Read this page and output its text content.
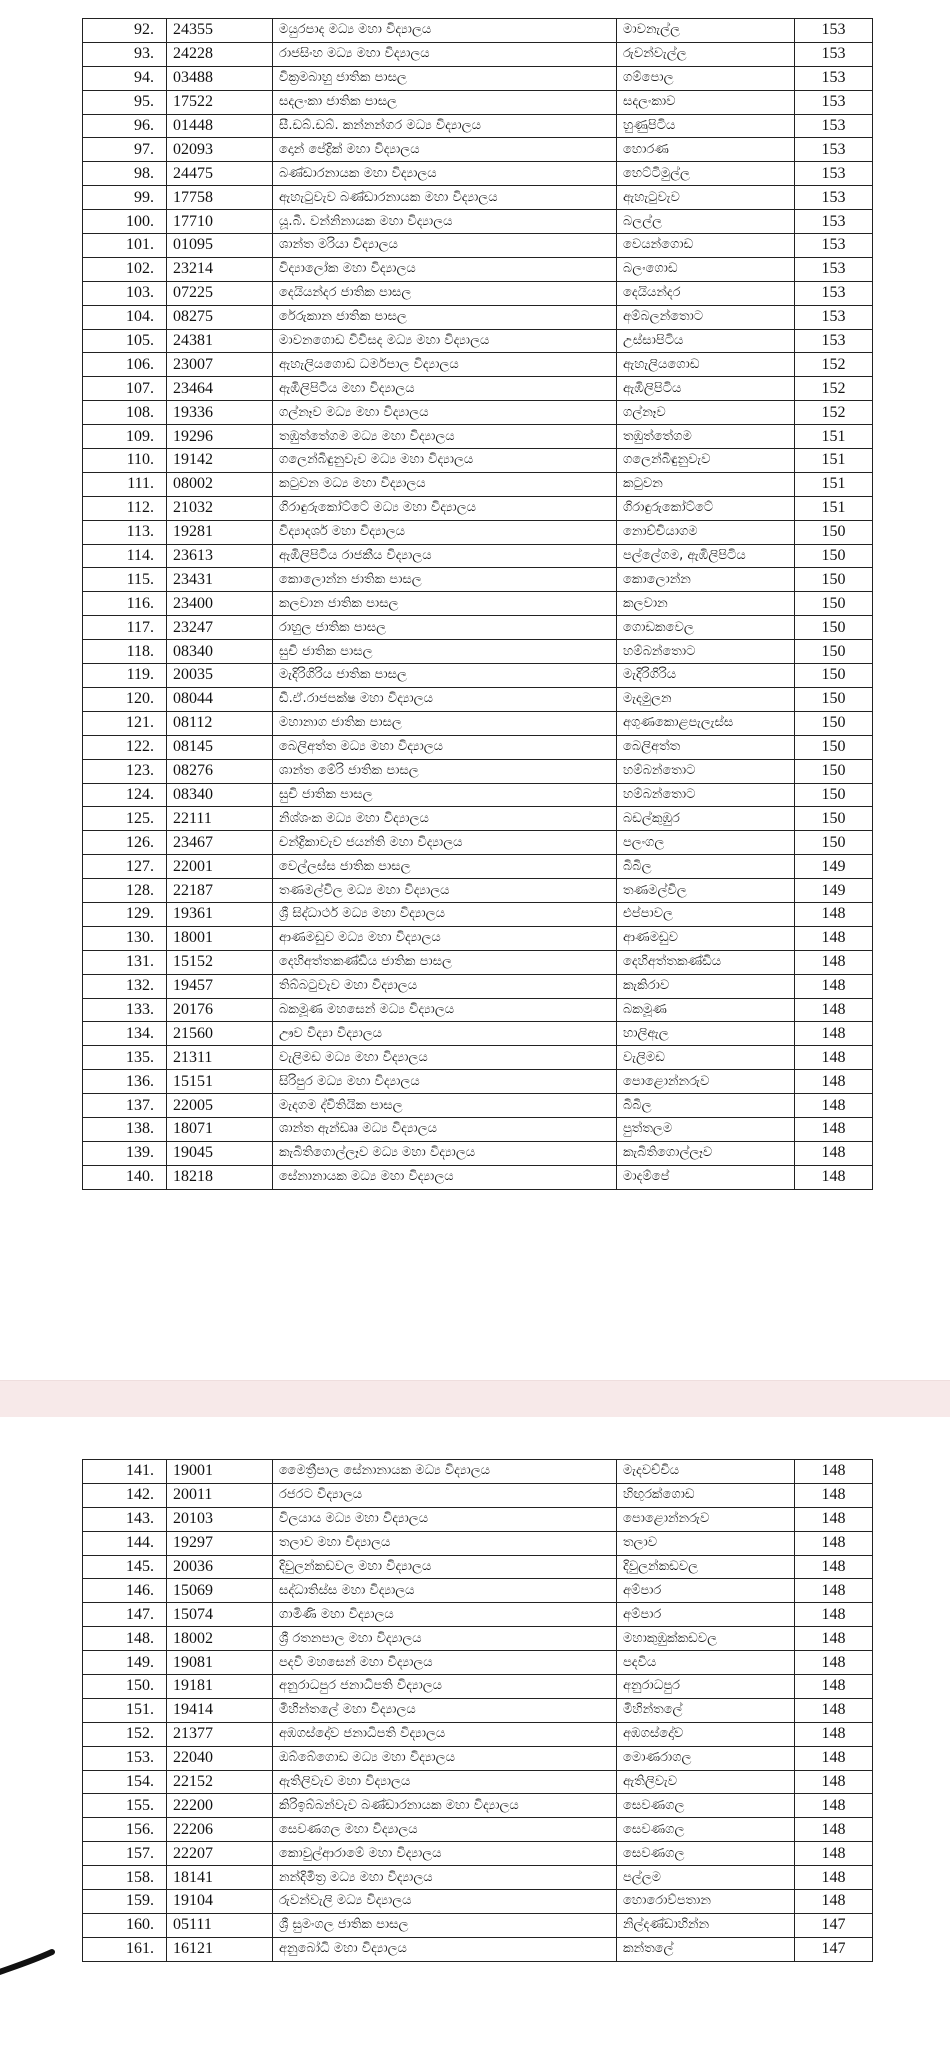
92.	24355	මයුරපාද මධ්‍ය මහා විද්‍යාලය	මාවනැල්ල	153
93.	24228	රාජසිංහ මධ්‍ය මහා විද්‍යාලය	රුවන්වැල්ල	153
94.	03488	වික්‍රමබාහු ජාතික පාසල	ගම්පොල	153
95.	17522	සදලංකා ජාතික පාසල	සදලංකාව	153
96.	01448	සී.ඩබ්.ඩබ්. කන්නන්ගර මධ්‍ය විද්‍යාලය	හුණුපිටිය	153
97.	02093	දොන් පේද්‍රික් මහා විද්‍යාලය	හොරණ	153
98.	24475	බණ්ඩාරනායක මහා විද්‍යාලය	හෙට්ටිමුල්ල	153
99.	17758	ඇහැටුවැව බණ්ඩාරනායක මහා විද්‍යාලය	ඇහැටුවැව	153
100.	17710	යූ.බී. වන්නිනායක මහා විද්‍යාලය	බලල්ල	153
101.	01095	ශාන්ත මරියා විද්‍යාලය	වෙයන්ගොඩ	153
102.	23214	විද්‍යාලෝක මහා විද්‍යාලය	බලංගොඩ	153
103.	07225	දෙයියන්දර ජාතික පාසල	දෙයියන්දර	153
104.	08275	රේරුකාන ජාතික පාසල	අම්බලන්තොට	153
105.	24381	මාවනගොඩ විවිසද මධ්‍ය මහා විද්‍යාලය	උස්සාපිටිය	153
106.	23007	ඇහැලියගොඩ ධර්මපාල විද්‍යාලය	ඇහැලියගොඩ	152
107.	23464	ඇඹිලිපිටිය මහා විද්‍යාලය	ඇඹිලිපිටිය	152
108.	19336	ගල්නෑව මධ්‍ය මහා විද්‍යාලය	ගල්නෑව	152
109.	19296	තඹුත්තේගම මධ්‍ය මහා විද්‍යාලය	තඹුත්තේගම	151
110.	19142	ගලෙන්බිඳුනුවැව මධ්‍ය මහා විද්‍යාලය	ගලෙන්බිඳුනුවැව	151
111.	08002	කටුවන මධ්‍ය මහා විද්‍යාලය	කටුවන	151
112.	21032	ගිරාඳුරුකෝට්ටේ මධ්‍ය මහා විද්‍යාලය	ගිරාඳුරුකෝට්ටේ	151
113.	19281	විද්‍යාදර්ශ මහා විද්‍යාලය	නොච්චියාගම	150
114.	23613	ඇඹිලිපිටිය රාජකීය විද්‍යාලය	පල්ලේගම, ඇඹිලිපිටිය	150
115.	23431	කොලොන්න ජාතික පාසල	කොලොන්න	150
116.	23400	කලවාන ජාතික පාසල	කලවාන	150
117.	23247	රාහුල ජාතික පාසල	ගොඩකවෙල	150
118.	08340	සුචි ජාතික පාසල	හම්බන්තොට	150
119.	20035	මැදිරිගිරිය ජාතික පාසල	මැදිරිගිරිය	150
120.	08044	ඩී.ඒ.රාජපක්ෂ මහා විද්‍යාලය	මැදමුලන	150
121.	08112	මහානාග ජාතික පාසල	අගුණකොළපැලැස්ස	150
122.	08145	බෙලිඅත්ත මධ්‍ය මහා විද්‍යාලය	බෙලිඅත්ත	150
123.	08276	ශාන්ත මේරි ජාතික පාසල	හම්බන්තොට	150
124.	08340	සුචි ජාතික පාසල	හම්බන්තොට	150
125.	22111	නිශ්ශංක මධ්‍ය මහා විද්‍යාලය	බඩල්කුඹුර	150
126.	23467	චන්ද්‍රිකාවැව ජයන්ති මහා විද්‍යාලය	පලංගල	150
127.	22001	වෙල්ලස්ස ජාතික පාසල	බිබිල	149
128.	22187	තණමල්විල මධ්‍ය මහා විද්‍යාලය	තණමල්විල	149
129.	19361	ශ්‍රී සිද්ධාර්ථ මධ්‍ය මහා විද්‍යාලය	එප්පාවල	148
130.	18001	ආණමඩුව මධ්‍ය මහා විද්‍යාලය	ආණමඩුව	148
131.	15152	දෙහිඅත්තකණ්ඩිය ජාතික පාසල	දෙහිඅත්තකණ්ඩිය	148
132.	19457	තිබ්බටුවැව මහා විද්‍යාලය	කැකිරාව	148
133.	20176	බකමූණ මහසෙන් මධ්‍ය විද්‍යාලය	බකමූණ	148
134.	21560	ඌව විද්‍යා විද්‍යාලය	හාලිඇල	148
135.	21311	වැලිමඩ මධ්‍ය මහා විද්‍යාලය	වැලිමඩ	148
136.	15151	සිරිපුර මධ්‍ය මහා විද්‍යාලය	පොළොන්නරුව	148
137.	22005	මැදගම ද්විතියික පාසල	බිබිල	148
138.	18071	ශාන්ත ඇන්ඩෲ මධ්‍ය විද්‍යාලය	පුත්තලම	148
139.	19045	කැබිතිගොල්ලෑව මධ්‍ය මහා විද්‍යාලය	කැබිතිගොල්ලෑව	148
140.	18218	සේනානායක මධ්‍ය මහා විද්‍යාලය	මාදම්පේ	148
141.	19001	මෛත්‍රීපාල සේනානායක මධ්‍ය විද්‍යාලය	මැදවච්චිය	148
142.	20011	රජරට විද්‍යාලය	හිඟුරක්ගොඩ	148
143.	20103	විලයාය මධ්‍ය මහා විද්‍යාලය	පොළොන්නරුව	148
144.	19297	තලාව මහා විද්‍යාලය	තලාව	148
145.	20036	දිවුලන්කඩවල මහා විද්‍යාලය	දිවුලන්කඩවල	148
146.	15069	සද්ධාතිස්ස මහා විද්‍යාලය	අම්පාර	148
147.	15074	ගාමිණි මහා විද්‍යාලය	අම්පාර	148
148.	18002	ශ්‍රී රතනපාල මහා විද්‍යාලය	මහාකුඹුක්කඩවල	148
149.	19081	පදවි මහසෙන් මහා විද්‍යාලය	පදවිය	148
150.	19181	අනුරාධපුර ජනාධිපති විද්‍යාලය	අනුරාධපුර	148
151.	19414	මිහින්තලේ මහා විද්‍යාලය	මිහින්තලේ	148
152.	21377	අඹගස්දෝව ජනාධිපති විද්‍යාලය	අඹගස්දෝව	148
153.	22040	ඔබ්බේගොඩ මධ්‍ය මහා විද්‍යාලය	මොණරාගල	148
154.	22152	ඇතිලිවැව මහා විද්‍යාලය	ඇතිලිවැව	148
155.	22200	කිරිඉබ්බන්වැව බණ්ඩාරනායක මහා විද්‍යාලය	සෙවණගල	148
156.	22206	සෙවණගල මහා විද්‍යාලය	සෙවණගල	148
157.	22207	කොවුල්ආරාමේ මහා විද්‍යාලය	සෙවණගල	148
158.	18141	නන්දිමිත්‍ර මධ්‍ය මහා විද්‍යාලය	පල්ලම	148
159.	19104	රුවන්වැලි මධ්‍ය විද්‍යාලය	හොරොව්පතාන	148
160.	05111	ශ්‍රී සුමංගල ජාතික පාසල	නිල්දණ්ඩාහින්න	147
161.	16121	අනුබෝධි මහා විද්‍යාලය	කන්තලේ	147
